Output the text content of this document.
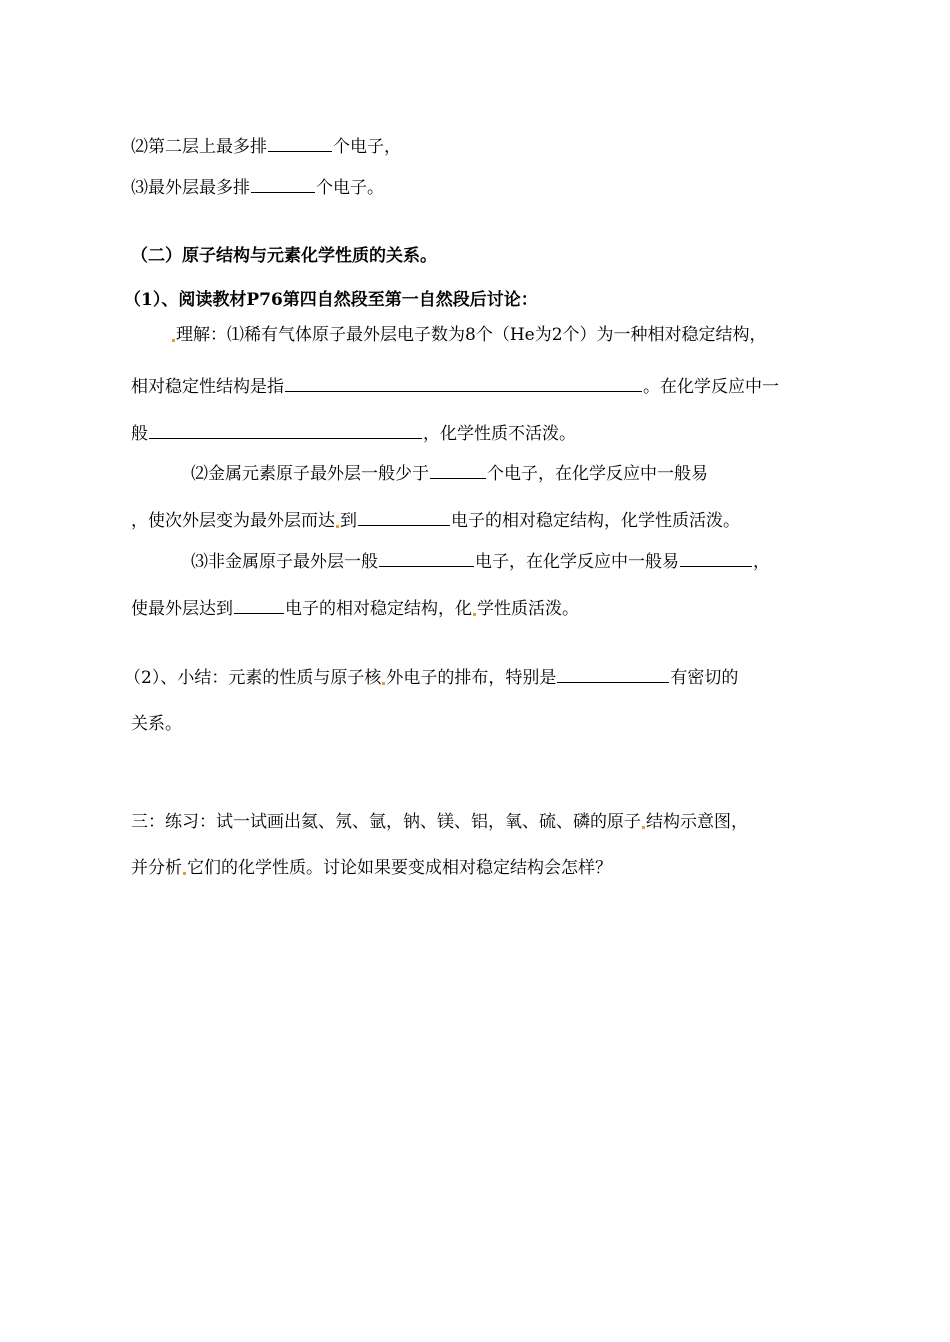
⑵第二层上最多排	个电子，
⑶最外层最多排	个电子。
（二）原子结构与元素化学性质的关系。
（1）、阅读教材P76第四自然段至第一自然段后讨论：
理解：⑴稀有气体原子最外层电子数为8个（He为2个）为一种相对稳定结构，
相对稳定性结构是指	。在化学反应中一
般	，化学性质不活泼。
⑵金属元素原子最外层一般少于	个电子，在化学反应中一般易
，使次外层变为最外层而达 到	电子的相对稳定结构，化学性质活泼。
⑶非金属原子最外层一般	电子，在化学反应中一般易	，
使最外层达到	电子的相对稳定结构，化 学性质活泼。
（2）、小结：元素的性质与原子核 外电子的排布，特别是	有密切的
关系。
三：练习：试一试画出氦、氖、氩，钠、镁、铝，氧、硫、磷的原子 结构示意图，
并分析 它们的化学性质。讨论如果要变成相对稳定结构会怎样？
